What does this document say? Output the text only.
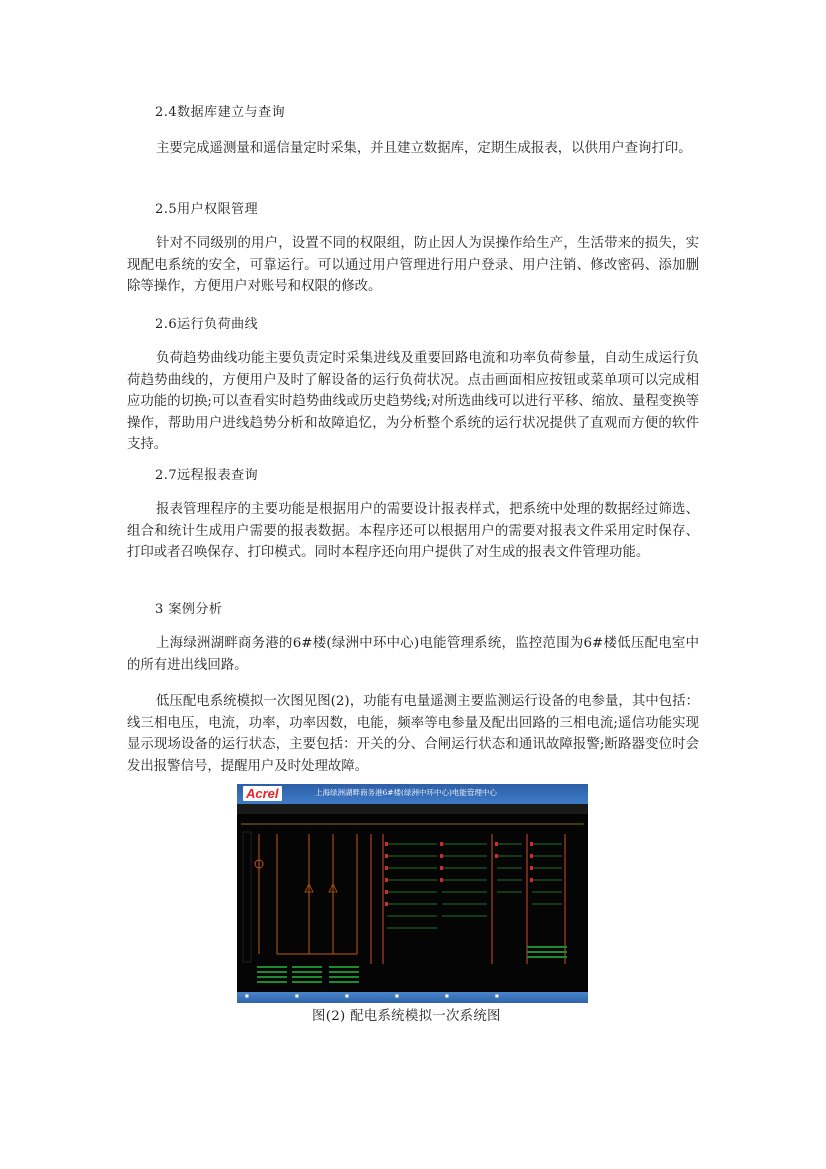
2.4数据库建立与查询

主要完成遥测量和遥信量定时采集，并且建立数据库，定期生成报表，以供用户查询打印。

2.5用户权限管理

针对不同级别的用户，设置不同的权限组，防止因人为误操作给生产，生活带来的损失，实现配电系统的安全，可靠运行。可以通过用户管理进行用户登录、用户注销、修改密码、添加删除等操作，方便用户对账号和权限的修改。

2.6运行负荷曲线

负荷趋势曲线功能主要负责定时采集进线及重要回路电流和功率负荷参量，自动生成运行负荷趋势曲线的，方便用户及时了解设备的运行负荷状况。点击画面相应按钮或菜单项可以完成相应功能的切换;可以查看实时趋势曲线或历史趋势线;对所选曲线可以进行平移、缩放、量程变换等操作，帮助用户进线趋势分析和故障追忆，为分析整个系统的运行状况提供了直观而方便的软件支持。

2.7远程报表查询

报表管理程序的主要功能是根据用户的需要设计报表样式，把系统中处理的数据经过筛选、组合和统计生成用户需要的报表数据。本程序还可以根据用户的需要对报表文件采用定时保存、打印或者召唤保存、打印模式。同时本程序还向用户提供了对生成的报表文件管理功能。

3 案例分析

上海绿洲湖畔商务港的6#楼(绿洲中环中心)电能管理系统，监控范围为6#楼低压配电室中的所有进出线回路。

低压配电系统模拟一次图见图(2)，功能有电量遥测主要监测运行设备的电参量，其中包括：线三相电压，电流，功率，功率因数，电能，频率等电参量及配出回路的三相电流;遥信功能实现显示现场设备的运行状态，主要包括：开关的分、合闸运行状态和通讯故障报警;断路器变位时会发出报警信号，提醒用户及时处理故障。

Acrel	上海绿洲湖畔商务港6#楼(绿洲中环中心)电能管理中心
■	■	■	■	■	■
图(2) 配电系统模拟一次系统图
